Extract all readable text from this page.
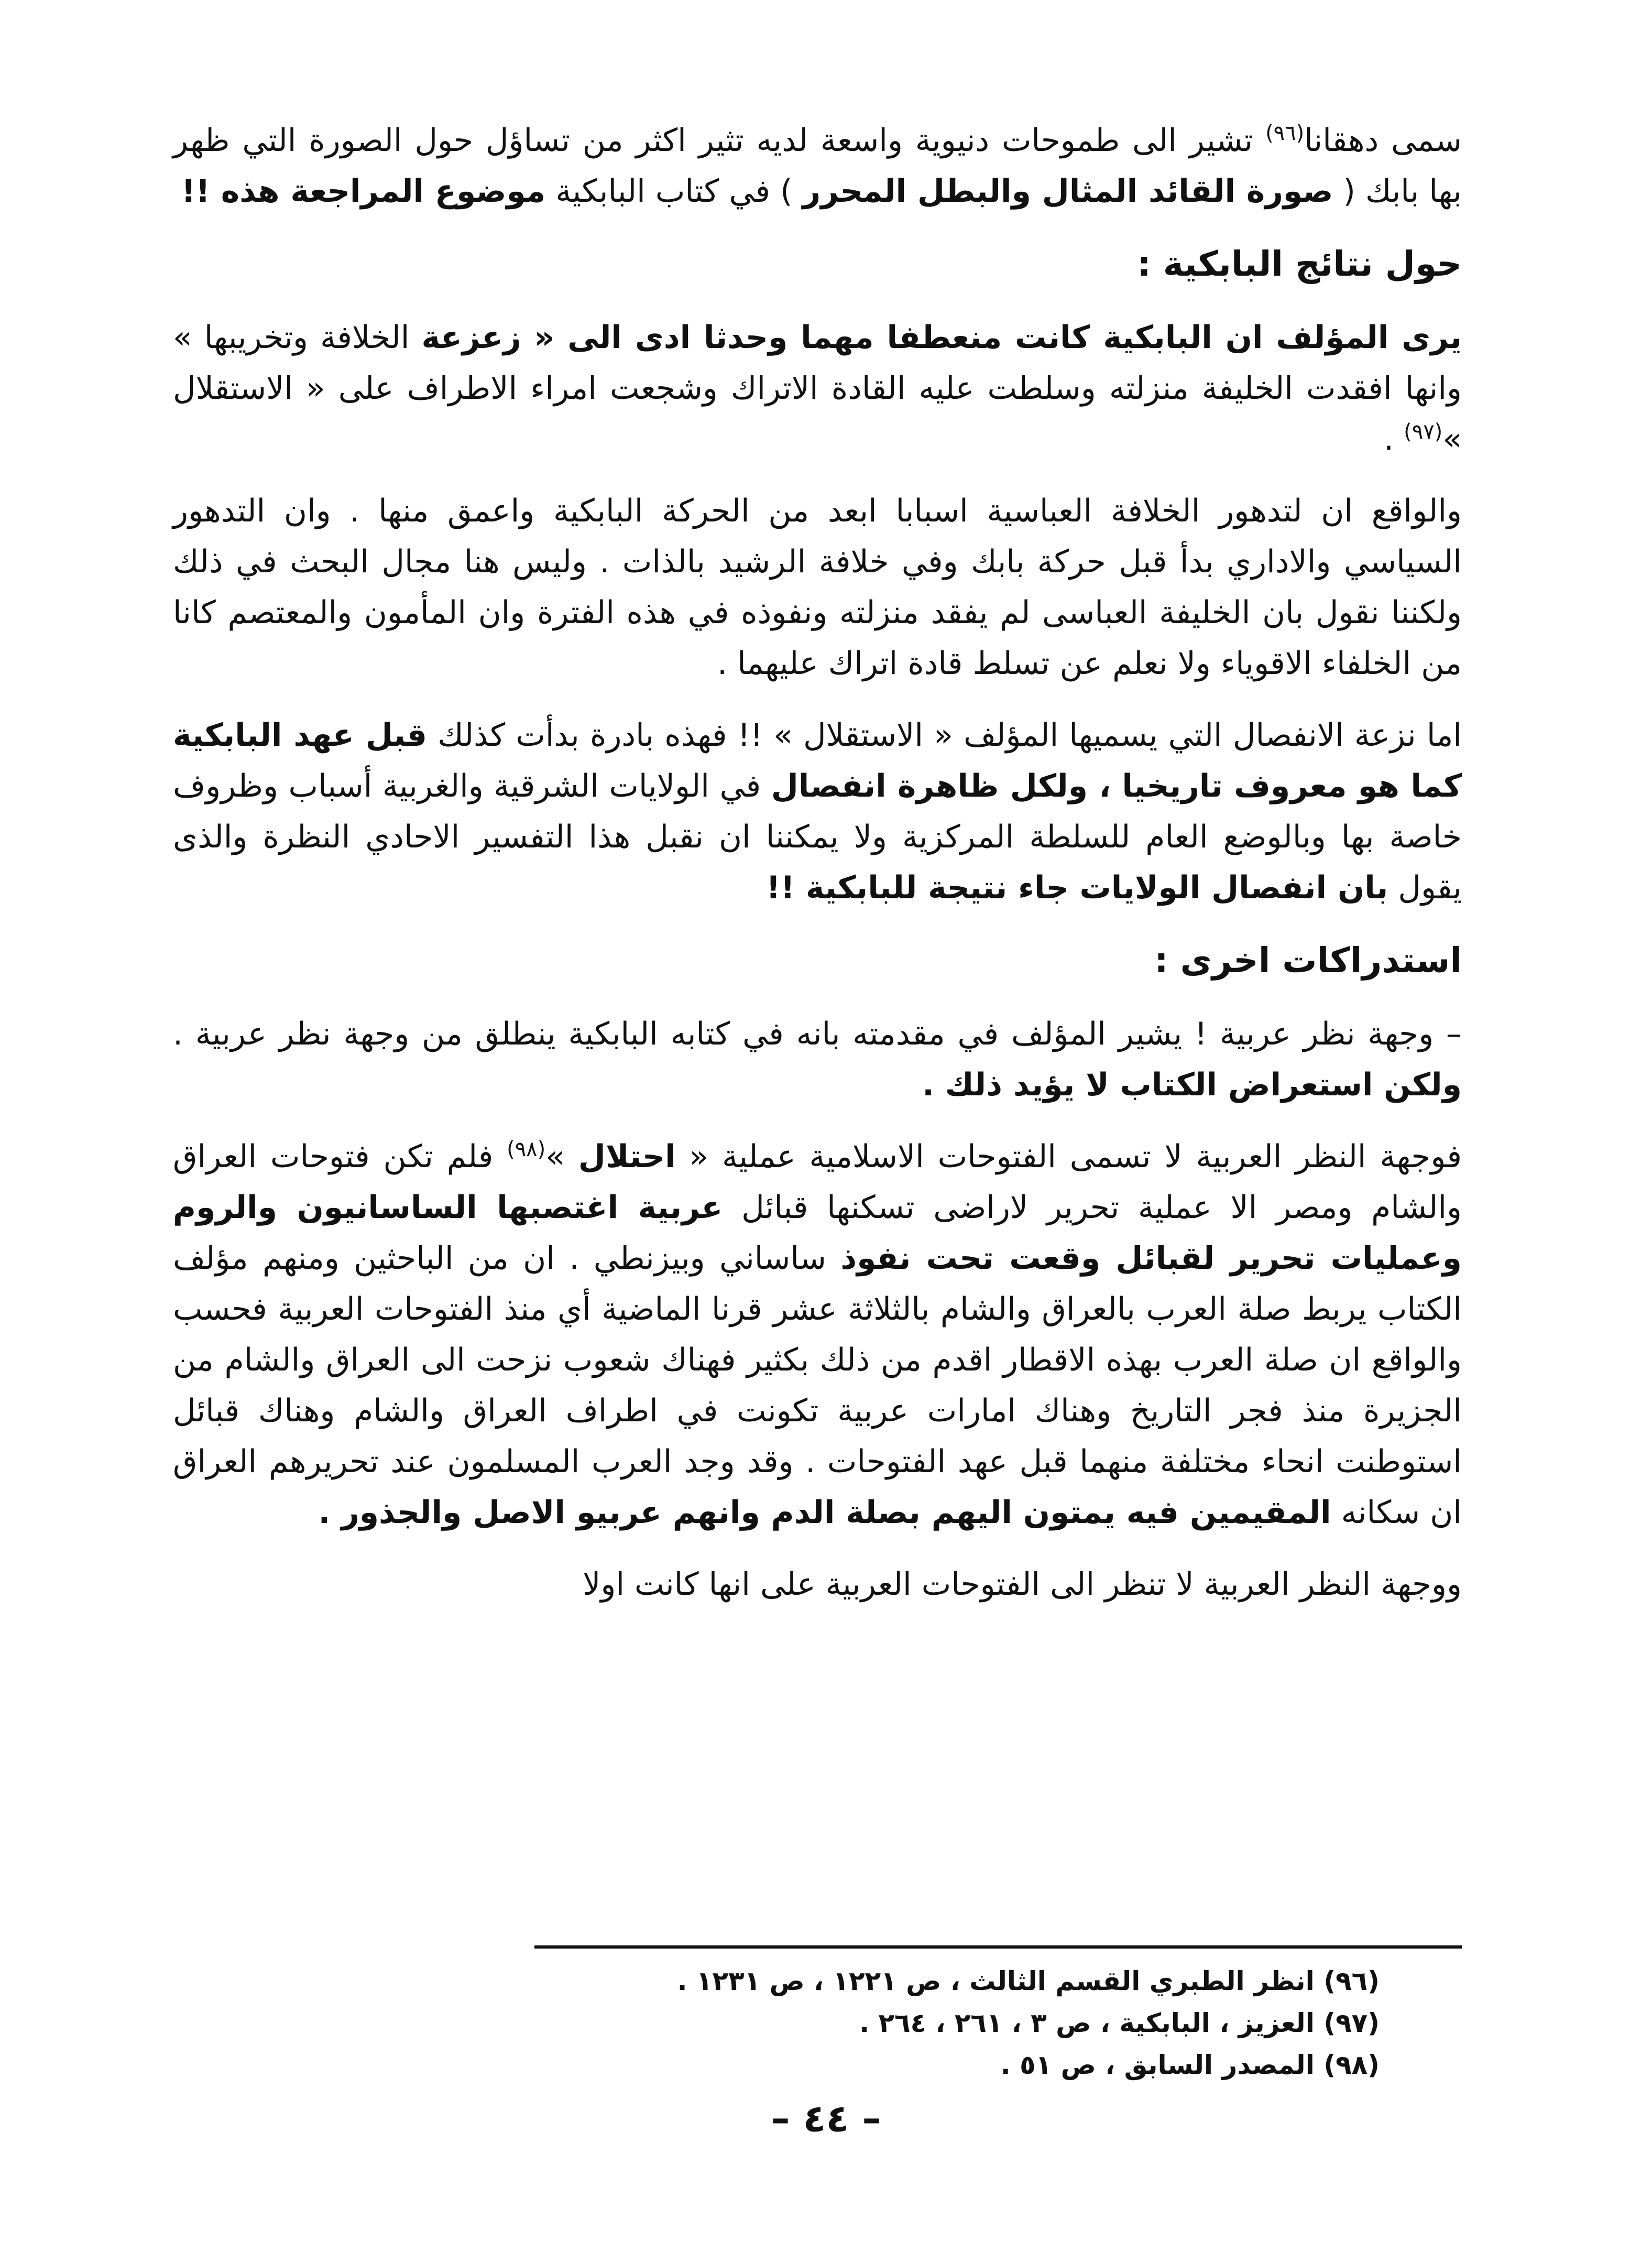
سمى دهقانا$^{(٩٦)}$ تشير الى طموحات دنيوية واسعة لديه تثير اكثر من تساؤل حول الصورة التي ظهر بها بابك ( صورة القائد المثال والبطل المحرر ) في كتاب البابكية موضوع المراجعة هذه !!

حول نتائج البابكية :

يرى المؤلف ان البابكية كانت منعطفا مهما وحدثا ادى الى « زعزعة الخلافة وتخريبها » وانها افقدت الخليفة منزلته وسلطت عليه القادة الاتراك وشجعت امراء الاطراف على « الاستقلال »$^{(٩٧)}$ .

والواقع ان لتدهور الخلافة العباسية اسبابا ابعد من الحركة البابكية واعمق منها . وان التدهور السياسي والاداري بدأ قبل حركة بابك وفي خلافة الرشيد بالذات . وليس هنا مجال البحث في ذلك ولكننا نقول بان الخليفة العباسى لم يفقد منزلته ونفوذه في هذه الفترة وان المأمون والمعتصم كانا من الخلفاء الاقوياء ولا نعلم عن تسلط قادة اتراك عليهما .

اما نزعة الانفصال التي يسميها المؤلف « الاستقلال » !! فهذه بادرة بدأت كذلك قبل عهد البابكية كما هو معروف تاريخيا ، ولكل ظاهرة انفصال في الولايات الشرقية والغربية أسباب وظروف خاصة بها وبالوضع العام للسلطة المركزية ولا يمكننا ان نقبل هذا التفسير الاحادي النظرة والذى يقول بان انفصال الولايات جاء نتيجة للبابكية !!

استدراكات اخرى :

– وجهة نظر عربية ! يشير المؤلف في مقدمته بانه في كتابه البابكية ينطلق من وجهة نظر عربية . ولكن استعراض الكتاب لا يؤيد ذلك .

فوجهة النظر العربية لا تسمى الفتوحات الاسلامية عملية « احتلال »$^{(٩٨)}$ فلم تكن فتوحات العراق والشام ومصر الا عملية تحرير لاراضى تسكنها قبائل عربية اغتصبها الساسانيون والروم وعمليات تحرير لقبائل وقعت تحت نفوذ ساساني وبيزنطي . ان من الباحثين ومنهم مؤلف الكتاب يربط صلة العرب بالعراق والشام بالثلاثة عشر قرنا الماضية أي منذ الفتوحات العربية فحسب والواقع ان صلة العرب بهذه الاقطار اقدم من ذلك بكثير فهناك شعوب نزحت الى العراق والشام من الجزيرة منذ فجر التاريخ وهناك امارات عربية تكونت في اطراف العراق والشام وهناك قبائل استوطنت انحاء مختلفة منهما قبل عهد الفتوحات . وقد وجد العرب المسلمون عند تحريرهم العراق ان سكانه المقيمين فيه يمتون اليهم بصلة الدم وانهم عربيو الاصل والجذور .

ووجهة النظر العربية لا تنظر الى الفتوحات العربية على انها كانت اولا

(٩٦) انظر الطبري القسم الثالث ، ص ١٢٢١ ، ص ١٢٣١ .
(٩٧) العزيز ، البابكية ، ص ٣ ، ٢٦١ ، ٢٦٤ .
(٩٨) المصدر السابق ، ص ٥١ .
– ٤٤ –
